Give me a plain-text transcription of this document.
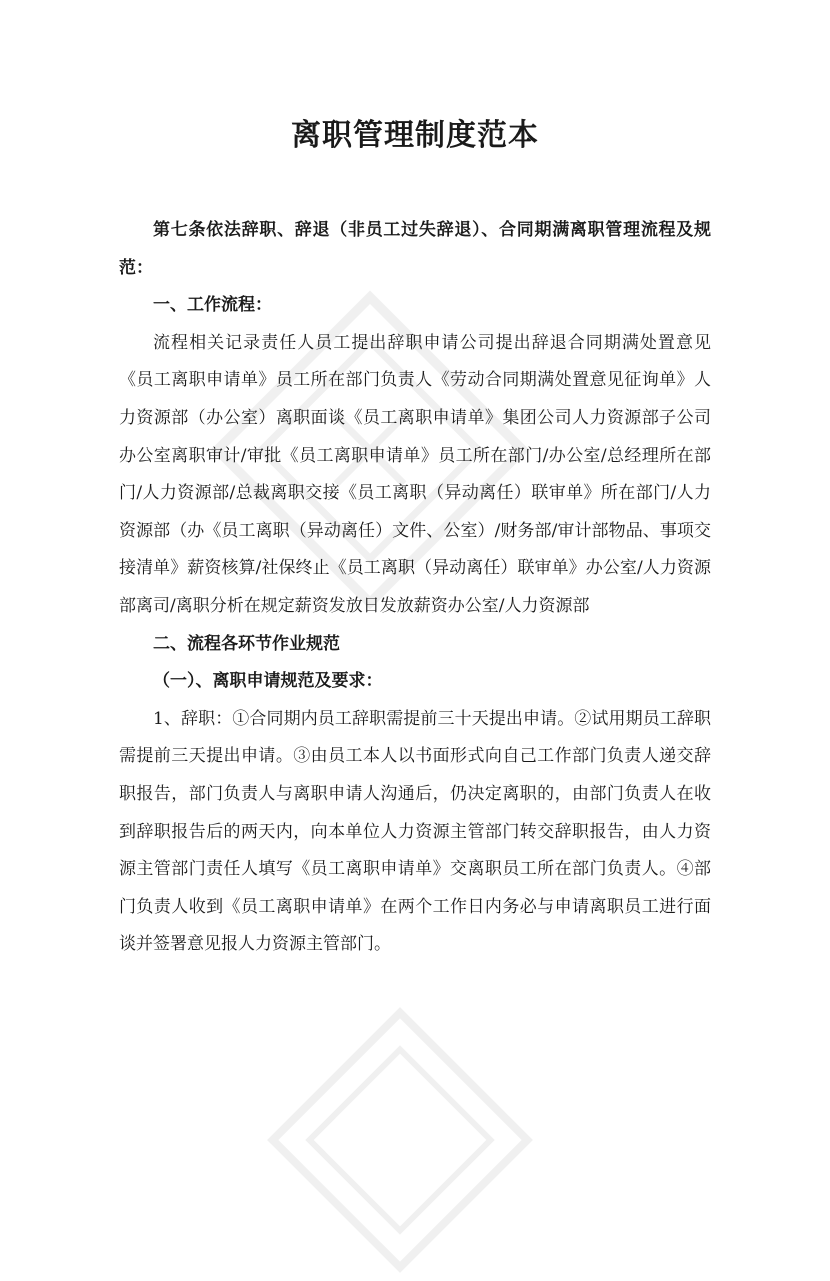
离职管理制度范本

第七条依法辞职、辞退（非员工过失辞退）、合同期满离职管理流程及规范：

一、工作流程：

流程相关记录责任人员工提出辞职申请公司提出辞退合同期满处置意见《员工离职申请单》员工所在部门负责人《劳动合同期满处置意见征询单》人力资源部（办公室）离职面谈《员工离职申请单》集团公司人力资源部子公司办公室离职审计/审批《员工离职申请单》员工所在部门/办公室/总经理所在部门/人力资源部/总裁离职交接《员工离职（异动离任）联审单》所在部门/人力资源部（办《员工离职（异动离任）文件、公室）/财务部/审计部物品、事项交接清单》薪资核算/社保终止《员工离职（异动离任）联审单》办公室/人力资源部离司/离职分析在规定薪资发放日发放薪资办公室/人力资源部

二、流程各环节作业规范

（一）、离职申请规范及要求：

1、辞职：①合同期内员工辞职需提前三十天提出申请。②试用期员工辞职需提前三天提出申请。③由员工本人以书面形式向自己工作部门负责人递交辞职报告，部门负责人与离职申请人沟通后，仍决定离职的，由部门负责人在收到辞职报告后的两天内，向本单位人力资源主管部门转交辞职报告，由人力资源主管部门责任人填写《员工离职申请单》交离职员工所在部门负责人。④部门负责人收到《员工离职申请单》在两个工作日内务必与申请离职员工进行面谈并签署意见报人力资源主管部门。
